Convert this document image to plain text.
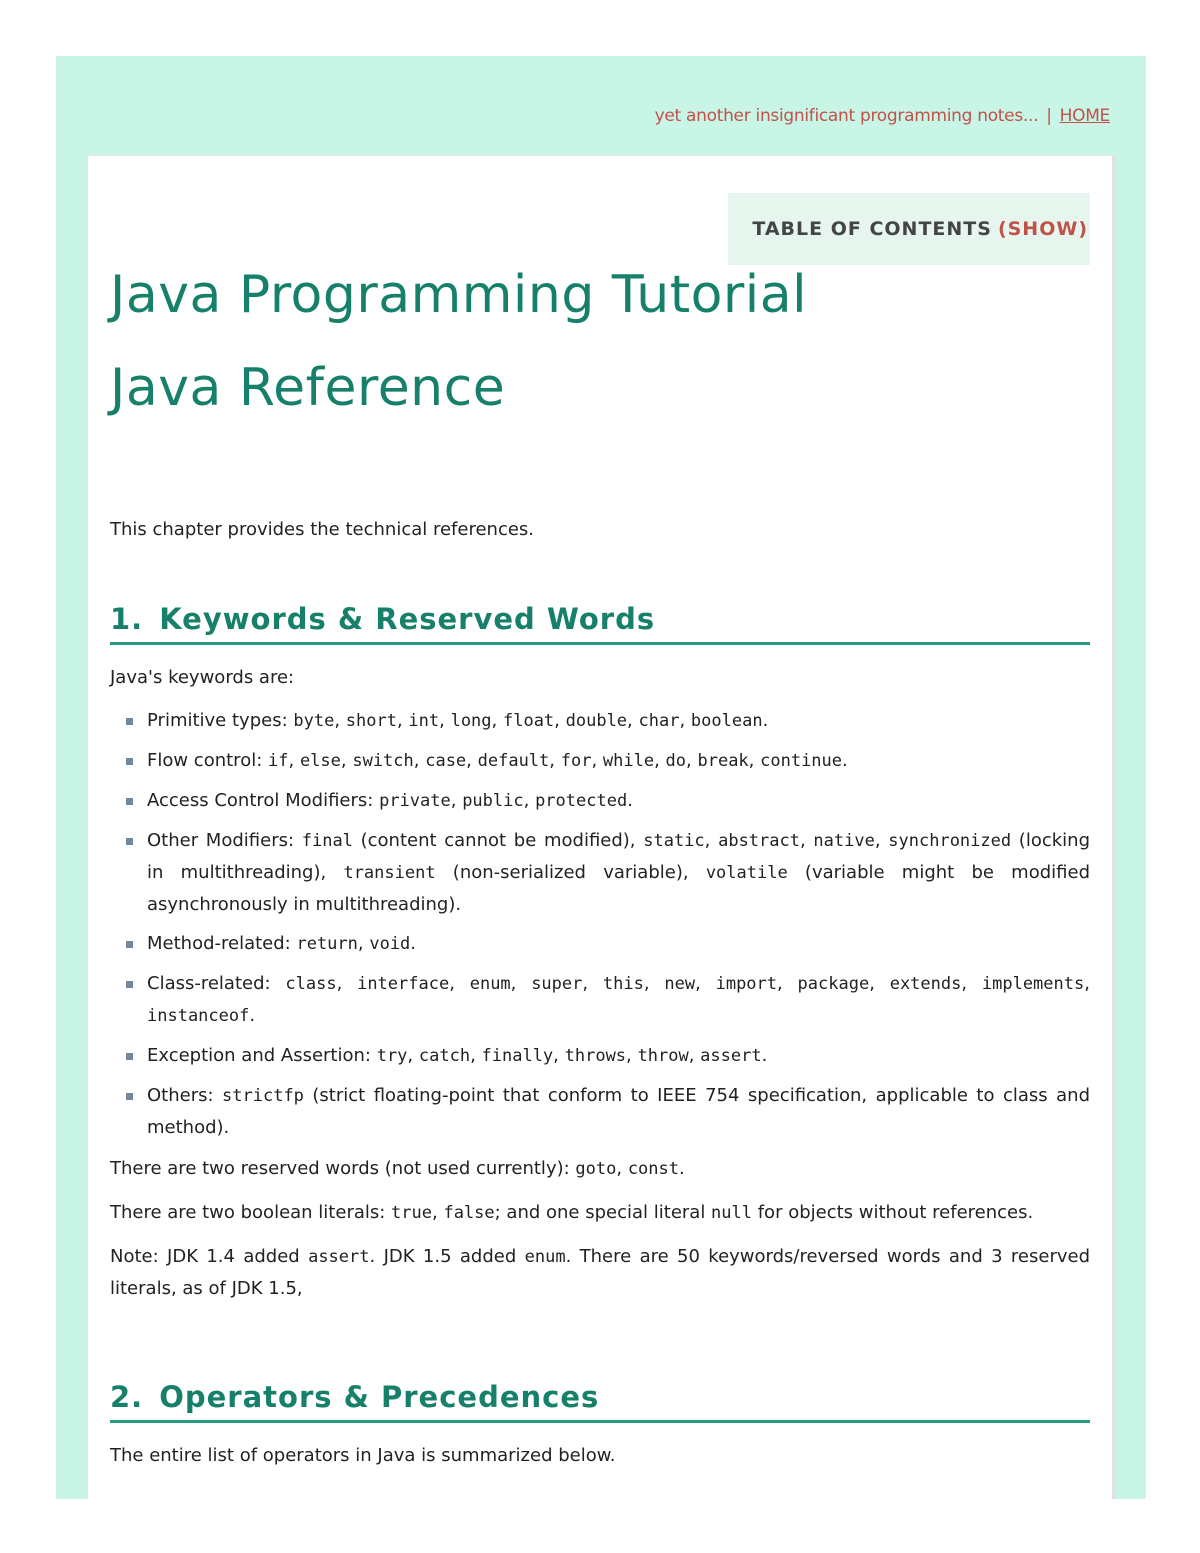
yet another insignificant programming notes... | HOME
TABLE OF CONTENTS (SHOW)
Java Programming Tutorial
Java Reference

This chapter provides the technical references.

1. Keywords & Reserved Words

Java's keywords are:

Primitive types: byte, short, int, long, float, double, char, boolean.
Flow control: if, else, switch, case, default, for, while, do, break, continue.
Access Control Modifiers: private, public, protected.
Other Modifiers: final (content cannot be modified), static, abstract, native, synchronized (locking in multithreading), transient (non-serialized variable), volatile (variable might be modified asynchronously in multithreading).
Method-related: return, void.
Class-related: class, interface, enum, super, this, new, import, package, extends, implements, instanceof.
Exception and Assertion: try, catch, finally, throws, throw, assert.
Others: strictfp (strict floating-point that conform to IEEE 754 specification, applicable to class and method).

There are two reserved words (not used currently): goto, const.

There are two boolean literals: true, false; and one special literal null for objects without references.

Note: JDK 1.4 added assert. JDK 1.5 added enum. There are 50 keywords/reversed words and 3 reserved literals, as of JDK 1.5,

2. Operators & Precedences

The entire list of operators in Java is summarized below.
